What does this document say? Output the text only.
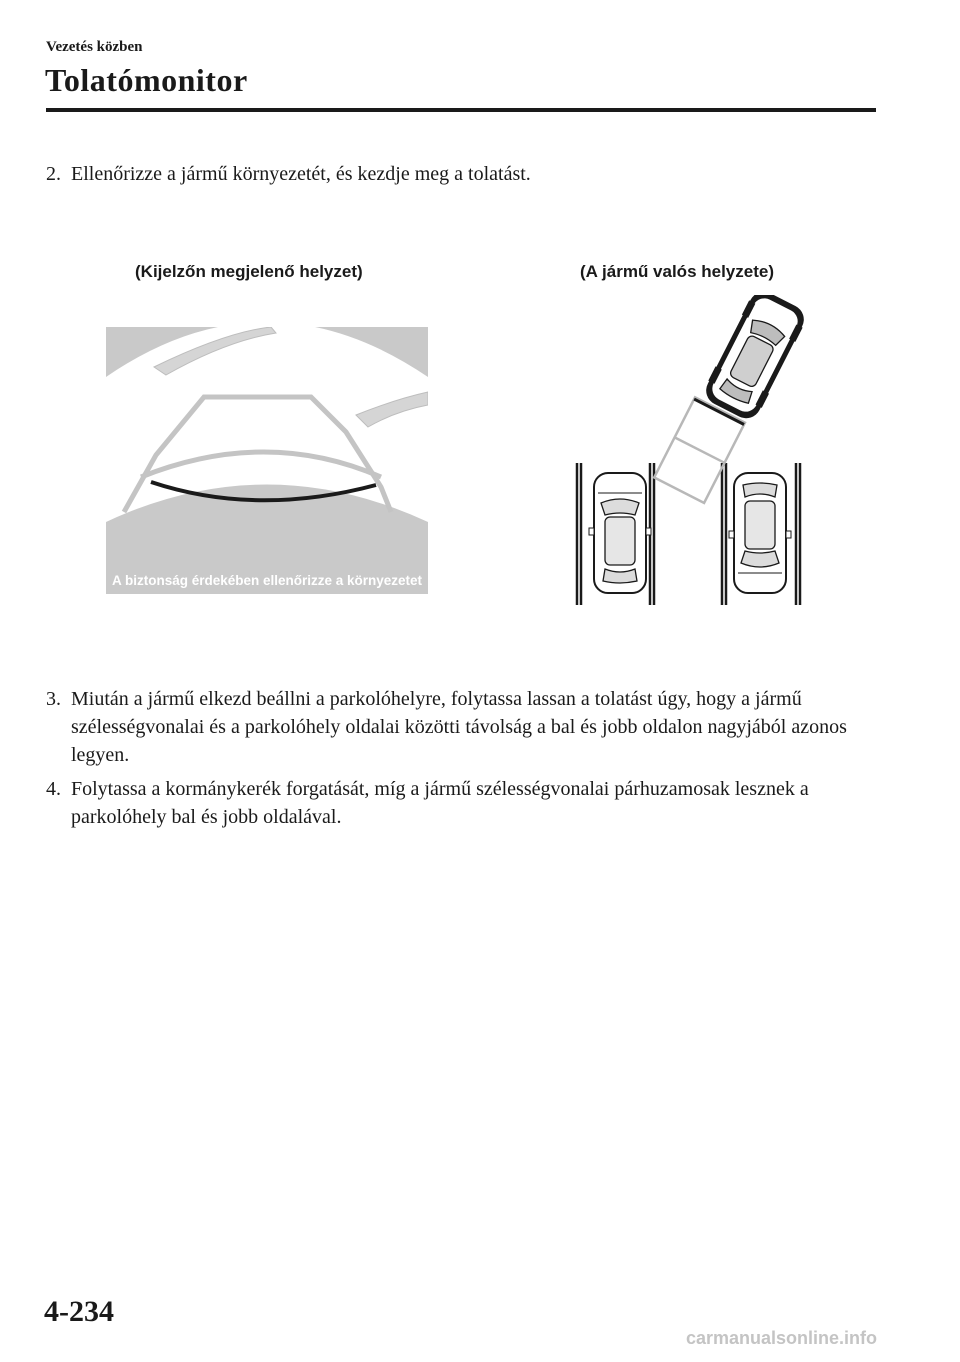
Vezetés közben
Tolatómonitor
2. Ellenőrizze a jármű környezetét, és kezdje meg a tolatást.
(Kijelzőn megjelenő helyzet)	(A jármű valós helyzete)
A biztonság érdekében ellenőrizze a környezetet
3. Miután a jármű elkezd beállni a parkolóhelyre, folytassa lassan a tolatást úgy, hogy a jármű szélességvonalai és a parkolóhely oldalai közötti távolság a bal és jobb oldalon nagyjából azonos legyen.
4. Folytassa a kormánykerék forgatását, míg a jármű szélességvonalai párhuzamosak lesznek a parkolóhely bal és jobb oldalával.
4-234
carmanualsonline.info
